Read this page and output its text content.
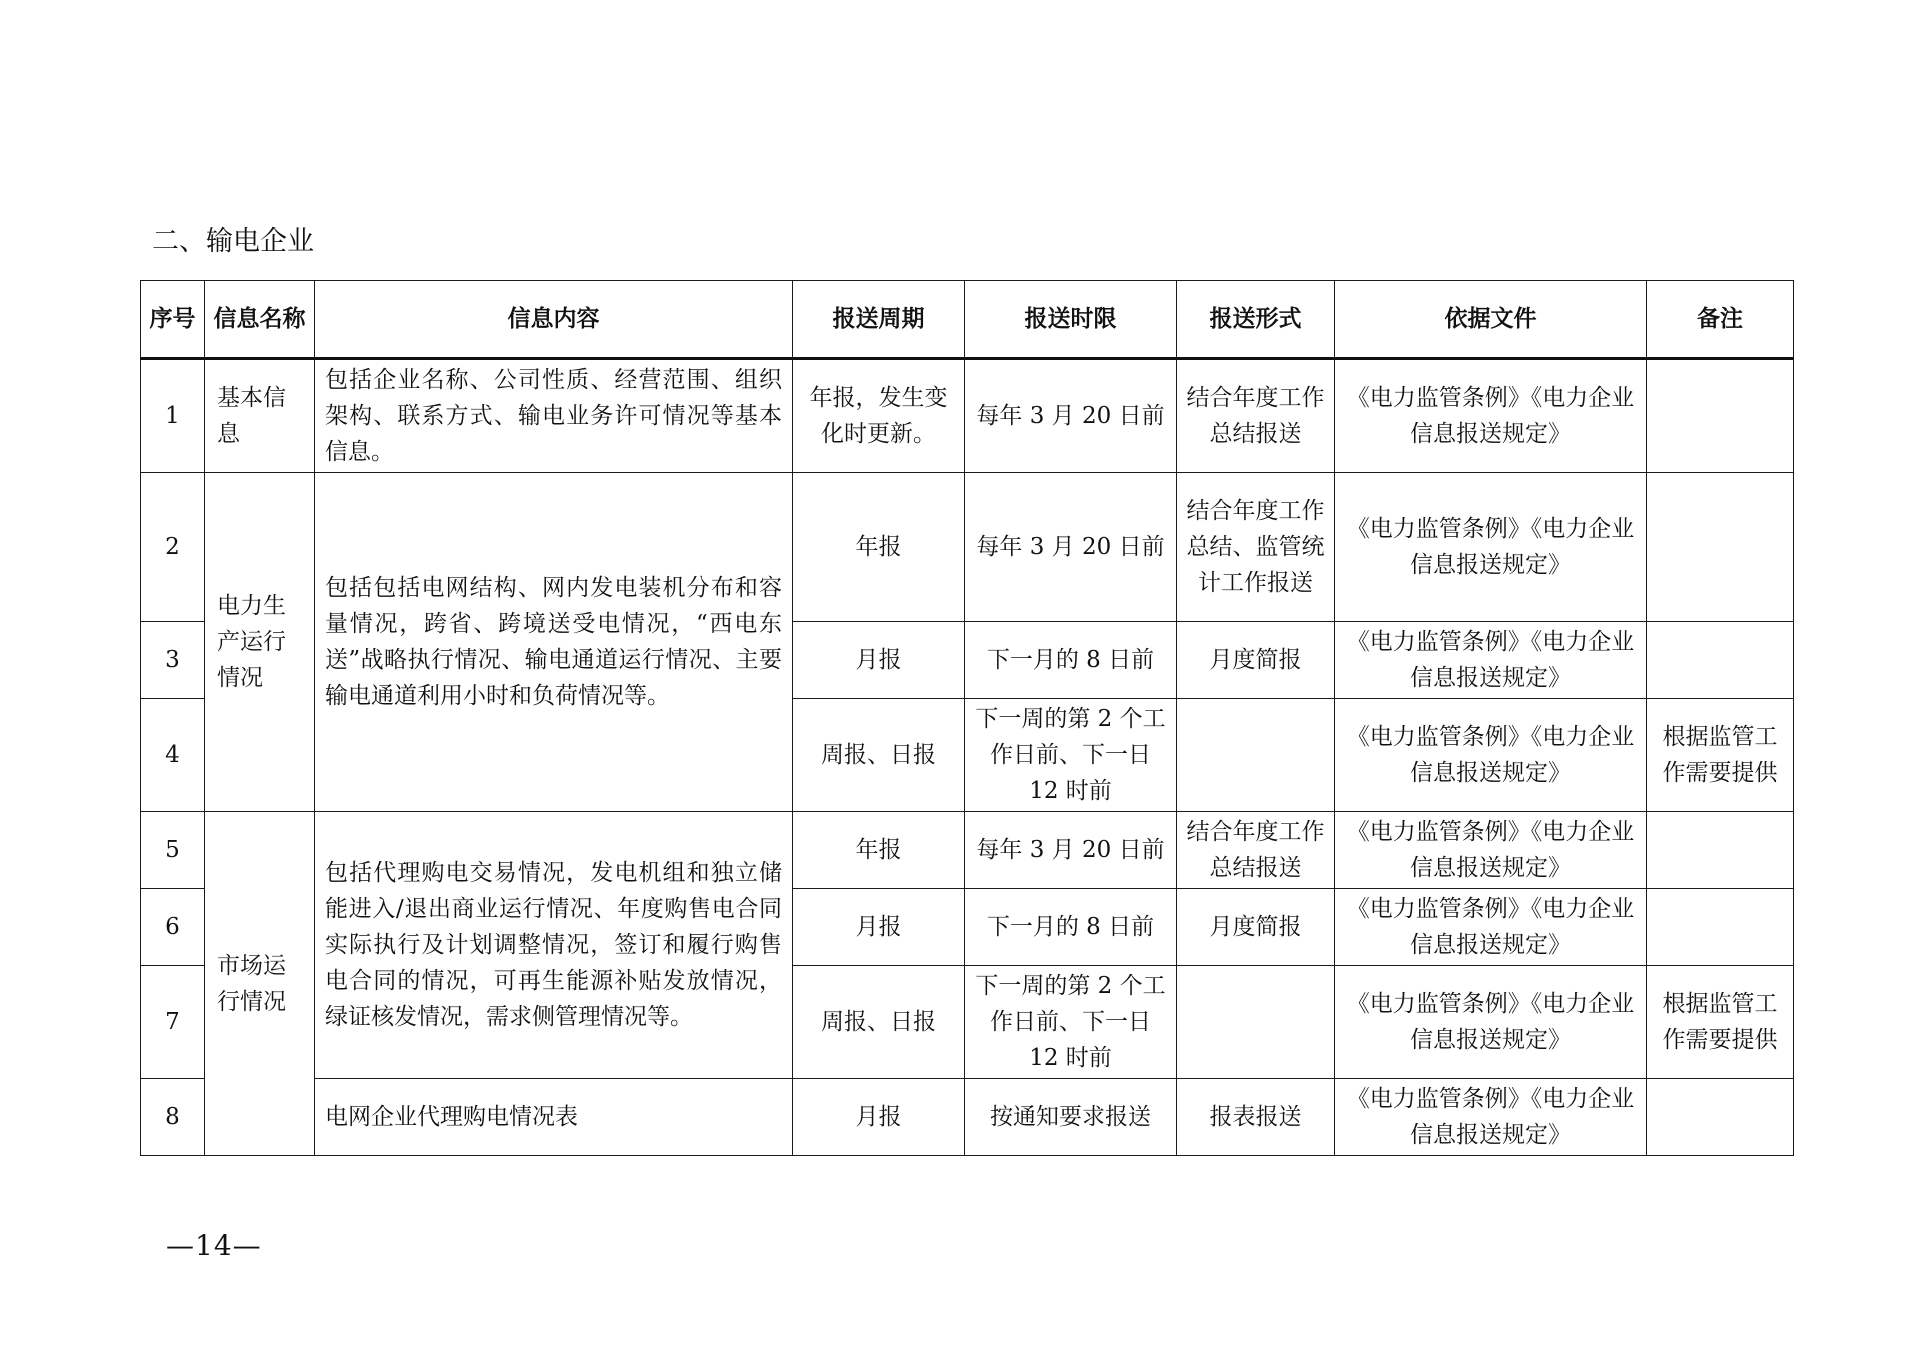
二、输电企业
序号	信息名称	信息内容	报送周期	报送时限	报送形式	依据文件	备注
1	基本信息	包括企业名称、公司性质、经营范围、组织架构、联系方式、输电业务许可情况等基本信息。	年报，发生变化时更新。	每年 3 月 20 日前	结合年度工作总结报送	《电力监管条例》《电力企业信息报送规定》	
2	电力生产运行情况	包括包括电网结构、网内发电装机分布和容量情况，跨省、跨境送受电情况，“西电东送”战略执行情况、输电通道运行情况、主要输电通道利用小时和负荷情况等。	年报	每年 3 月 20 日前	结合年度工作总结、监管统计工作报送	《电力监管条例》《电力企业信息报送规定》	
3			月报	下一月的 8 日前	月度简报	《电力监管条例》《电力企业信息报送规定》	
4			周报、日报	下一周的第 2 个工作日前、下一日 12 时前		《电力监管条例》《电力企业信息报送规定》	根据监管工作需要提供
5	市场运行情况	包括代理购电交易情况，发电机组和独立储能进入/退出商业运行情况、年度购售电合同实际执行及计划调整情况，签订和履行购售电合同的情况，可再生能源补贴发放情况，绿证核发情况，需求侧管理情况等。	年报	每年 3 月 20 日前	结合年度工作总结报送	《电力监管条例》《电力企业信息报送规定》	
6			月报	下一月的 8 日前	月度简报	《电力监管条例》《电力企业信息报送规定》	
7			周报、日报	下一周的第 2 个工作日前、下一日 12 时前		《电力监管条例》《电力企业信息报送规定》	根据监管工作需要提供
8		电网企业代理购电情况表	月报	按通知要求报送	报表报送	《电力监管条例》《电力企业信息报送规定》	
—14—
